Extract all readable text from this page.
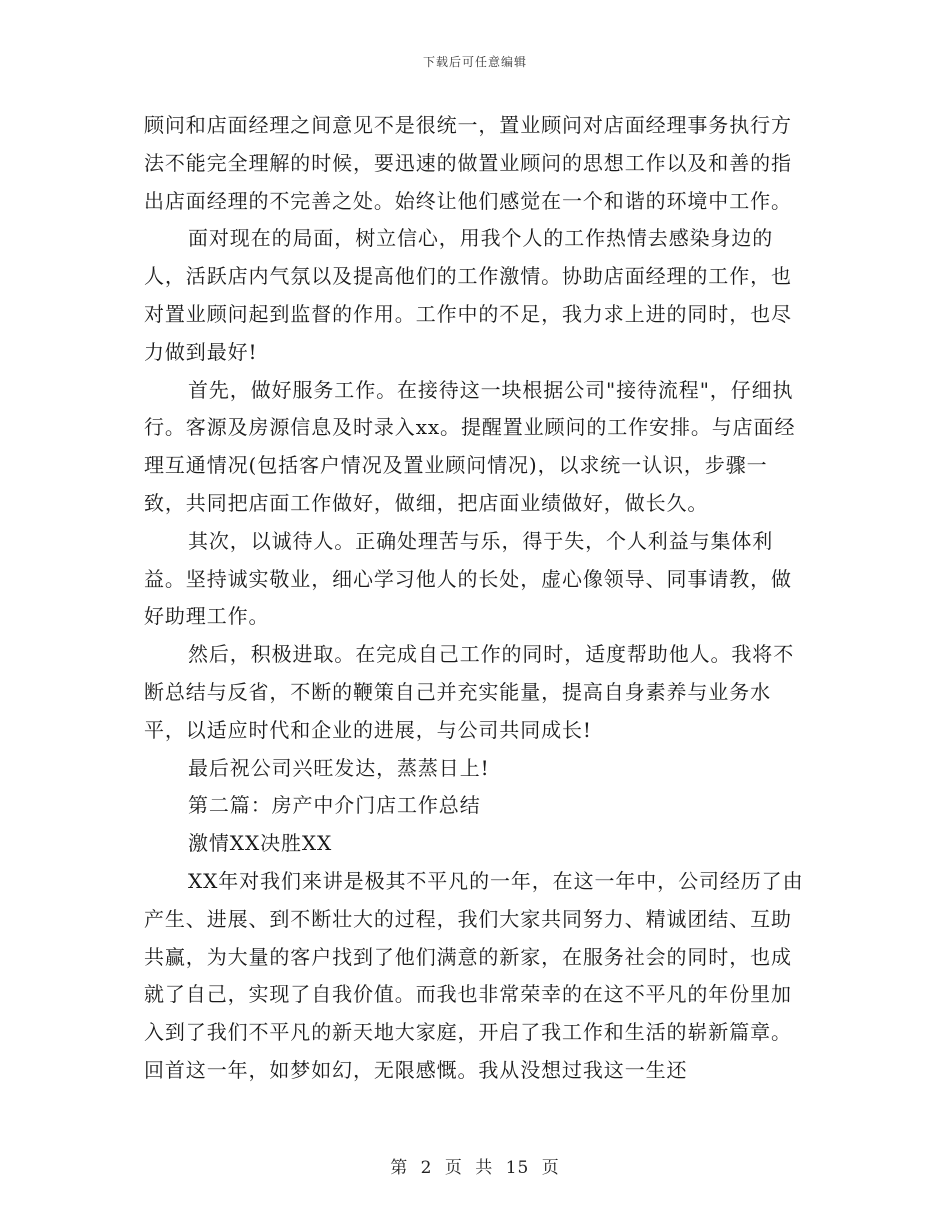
下载后可任意编辑

顾问和店面经理之间意见不是很统一，置业顾问对店面经理事务执行方法不能完全理解的时候，要迅速的做置业顾问的思想工作以及和善的指出店面经理的不完善之处。始终让他们感觉在一个和谐的环境中工作。

面对现在的局面，树立信心，用我个人的工作热情去感染身边的人，活跃店内气氛以及提高他们的工作激情。协助店面经理的工作，也对置业顾问起到监督的作用。工作中的不足，我力求上进的同时，也尽力做到最好!

首先，做好服务工作。在接待这一块根据公司"接待流程"，仔细执行。客源及房源信息及时录入xx。提醒置业顾问的工作安排。与店面经理互通情况(包括客户情况及置业顾问情况)，以求统一认识，步骤一致，共同把店面工作做好，做细，把店面业绩做好，做长久。

其次，以诚待人。正确处理苦与乐，得于失，个人利益与集体利益。坚持诚实敬业，细心学习他人的长处，虚心像领导、同事请教，做好助理工作。

然后，积极进取。在完成自己工作的同时，适度帮助他人。我将不断总结与反省，不断的鞭策自己并充实能量，提高自身素养与业务水平，以适应时代和企业的进展，与公司共同成长!

最后祝公司兴旺发达，蒸蒸日上!

第二篇：房产中介门店工作总结

激情XX决胜XX

XX年对我们来讲是极其不平凡的一年，在这一年中，公司经历了由产生、进展、到不断壮大的过程，我们大家共同努力、精诚团结、互助共赢，为大量的客户找到了他们满意的新家，在服务社会的同时，也成就了自己，实现了自我价值。而我也非常荣幸的在这不平凡的年份里加入到了我们不平凡的新天地大家庭，开启了我工作和生活的崭新篇章。回首这一年，如梦如幻，无限感慨。我从没想过我这一生还

第 2 页 共 15 页
